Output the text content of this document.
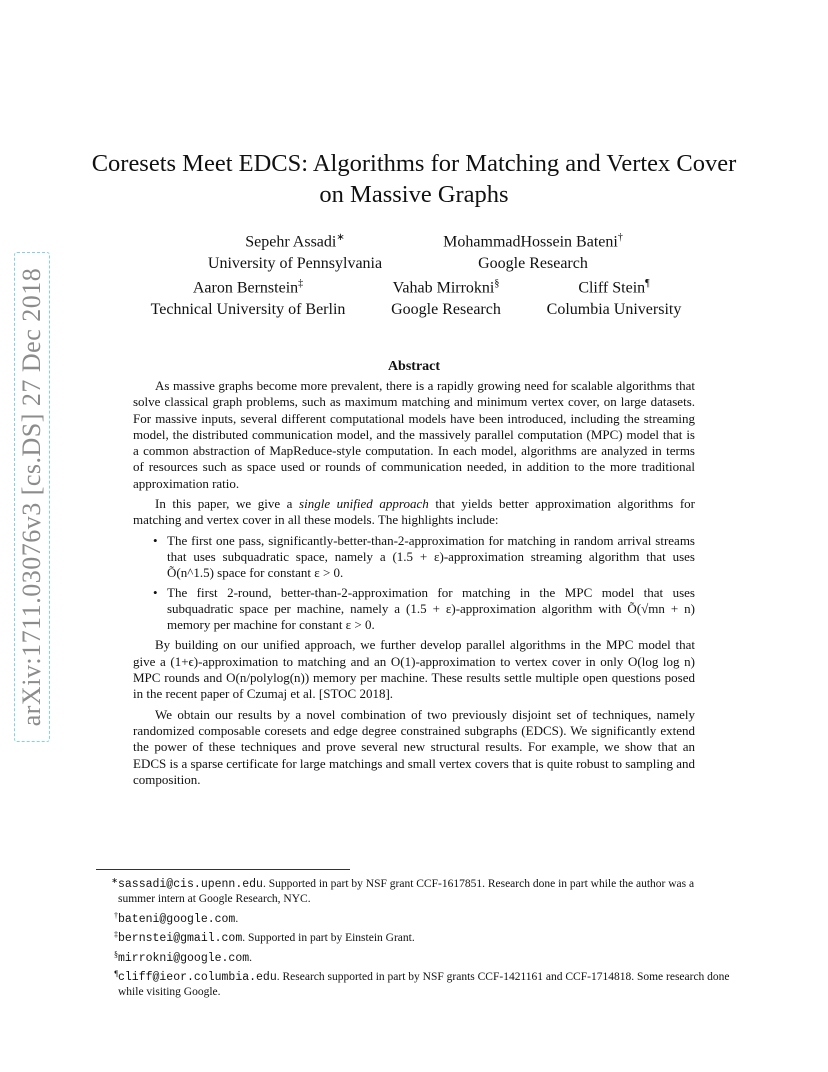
arXiv:1711.03076v3 [cs.DS] 27 Dec 2018
Coresets Meet EDCS: Algorithms for Matching and Vertex Cover
on Massive Graphs
Sepehr Assadi∗
University of Pennsylvania
MohammadHossein Bateni†
Google Research
Aaron Bernstein‡
Technical University of Berlin
Vahab Mirrokni§
Google Research
Cliff Stein¶
Columbia University
Abstract

As massive graphs become more prevalent, there is a rapidly growing need for scalable algorithms that solve classical graph problems, such as maximum matching and minimum vertex cover, on large datasets. For massive inputs, several different computational models have been introduced, including the streaming model, the distributed communication model, and the massively parallel computation (MPC) model that is a common abstraction of MapReduce-style computation. In each model, algorithms are analyzed in terms of resources such as space used or rounds of communication needed, in addition to the more traditional approximation ratio.

In this paper, we give a single unified approach that yields better approximation algorithms for matching and vertex cover in all these models. The highlights include:

• The first one pass, significantly-better-than-2-approximation for matching in random arrival streams that uses subquadratic space, namely a (1.5 + ε)-approximation streaming algorithm that uses Õ(n^1.5) space for constant ε > 0.
• The first 2-round, better-than-2-approximation for matching in the MPC model that uses subquadratic space per machine, namely a (1.5 + ε)-approximation algorithm with Õ(√mn + n) memory per machine for constant ε > 0.

By building on our unified approach, we further develop parallel algorithms in the MPC model that give a (1+ϵ)-approximation to matching and an O(1)-approximation to vertex cover in only O(log log n) MPC rounds and O(n/polylog(n)) memory per machine. These results settle multiple open questions posed in the recent paper of Czumaj et al. [STOC 2018].

We obtain our results by a novel combination of two previously disjoint set of techniques, namely randomized composable coresets and edge degree constrained subgraphs (EDCS). We significantly extend the power of these techniques and prove several new structural results. For example, we show that an EDCS is a sparse certificate for large matchings and small vertex covers that is quite robust to sampling and composition.

∗sassadi@cis.upenn.edu. Supported in part by NSF grant CCF-1617851. Research done in part while the author was a summer intern at Google Research, NYC.
†bateni@google.com.
‡bernstei@gmail.com. Supported in part by Einstein Grant.
§mirrokni@google.com.
¶cliff@ieor.columbia.edu. Research supported in part by NSF grants CCF-1421161 and CCF-1714818. Some research done while visiting Google.
